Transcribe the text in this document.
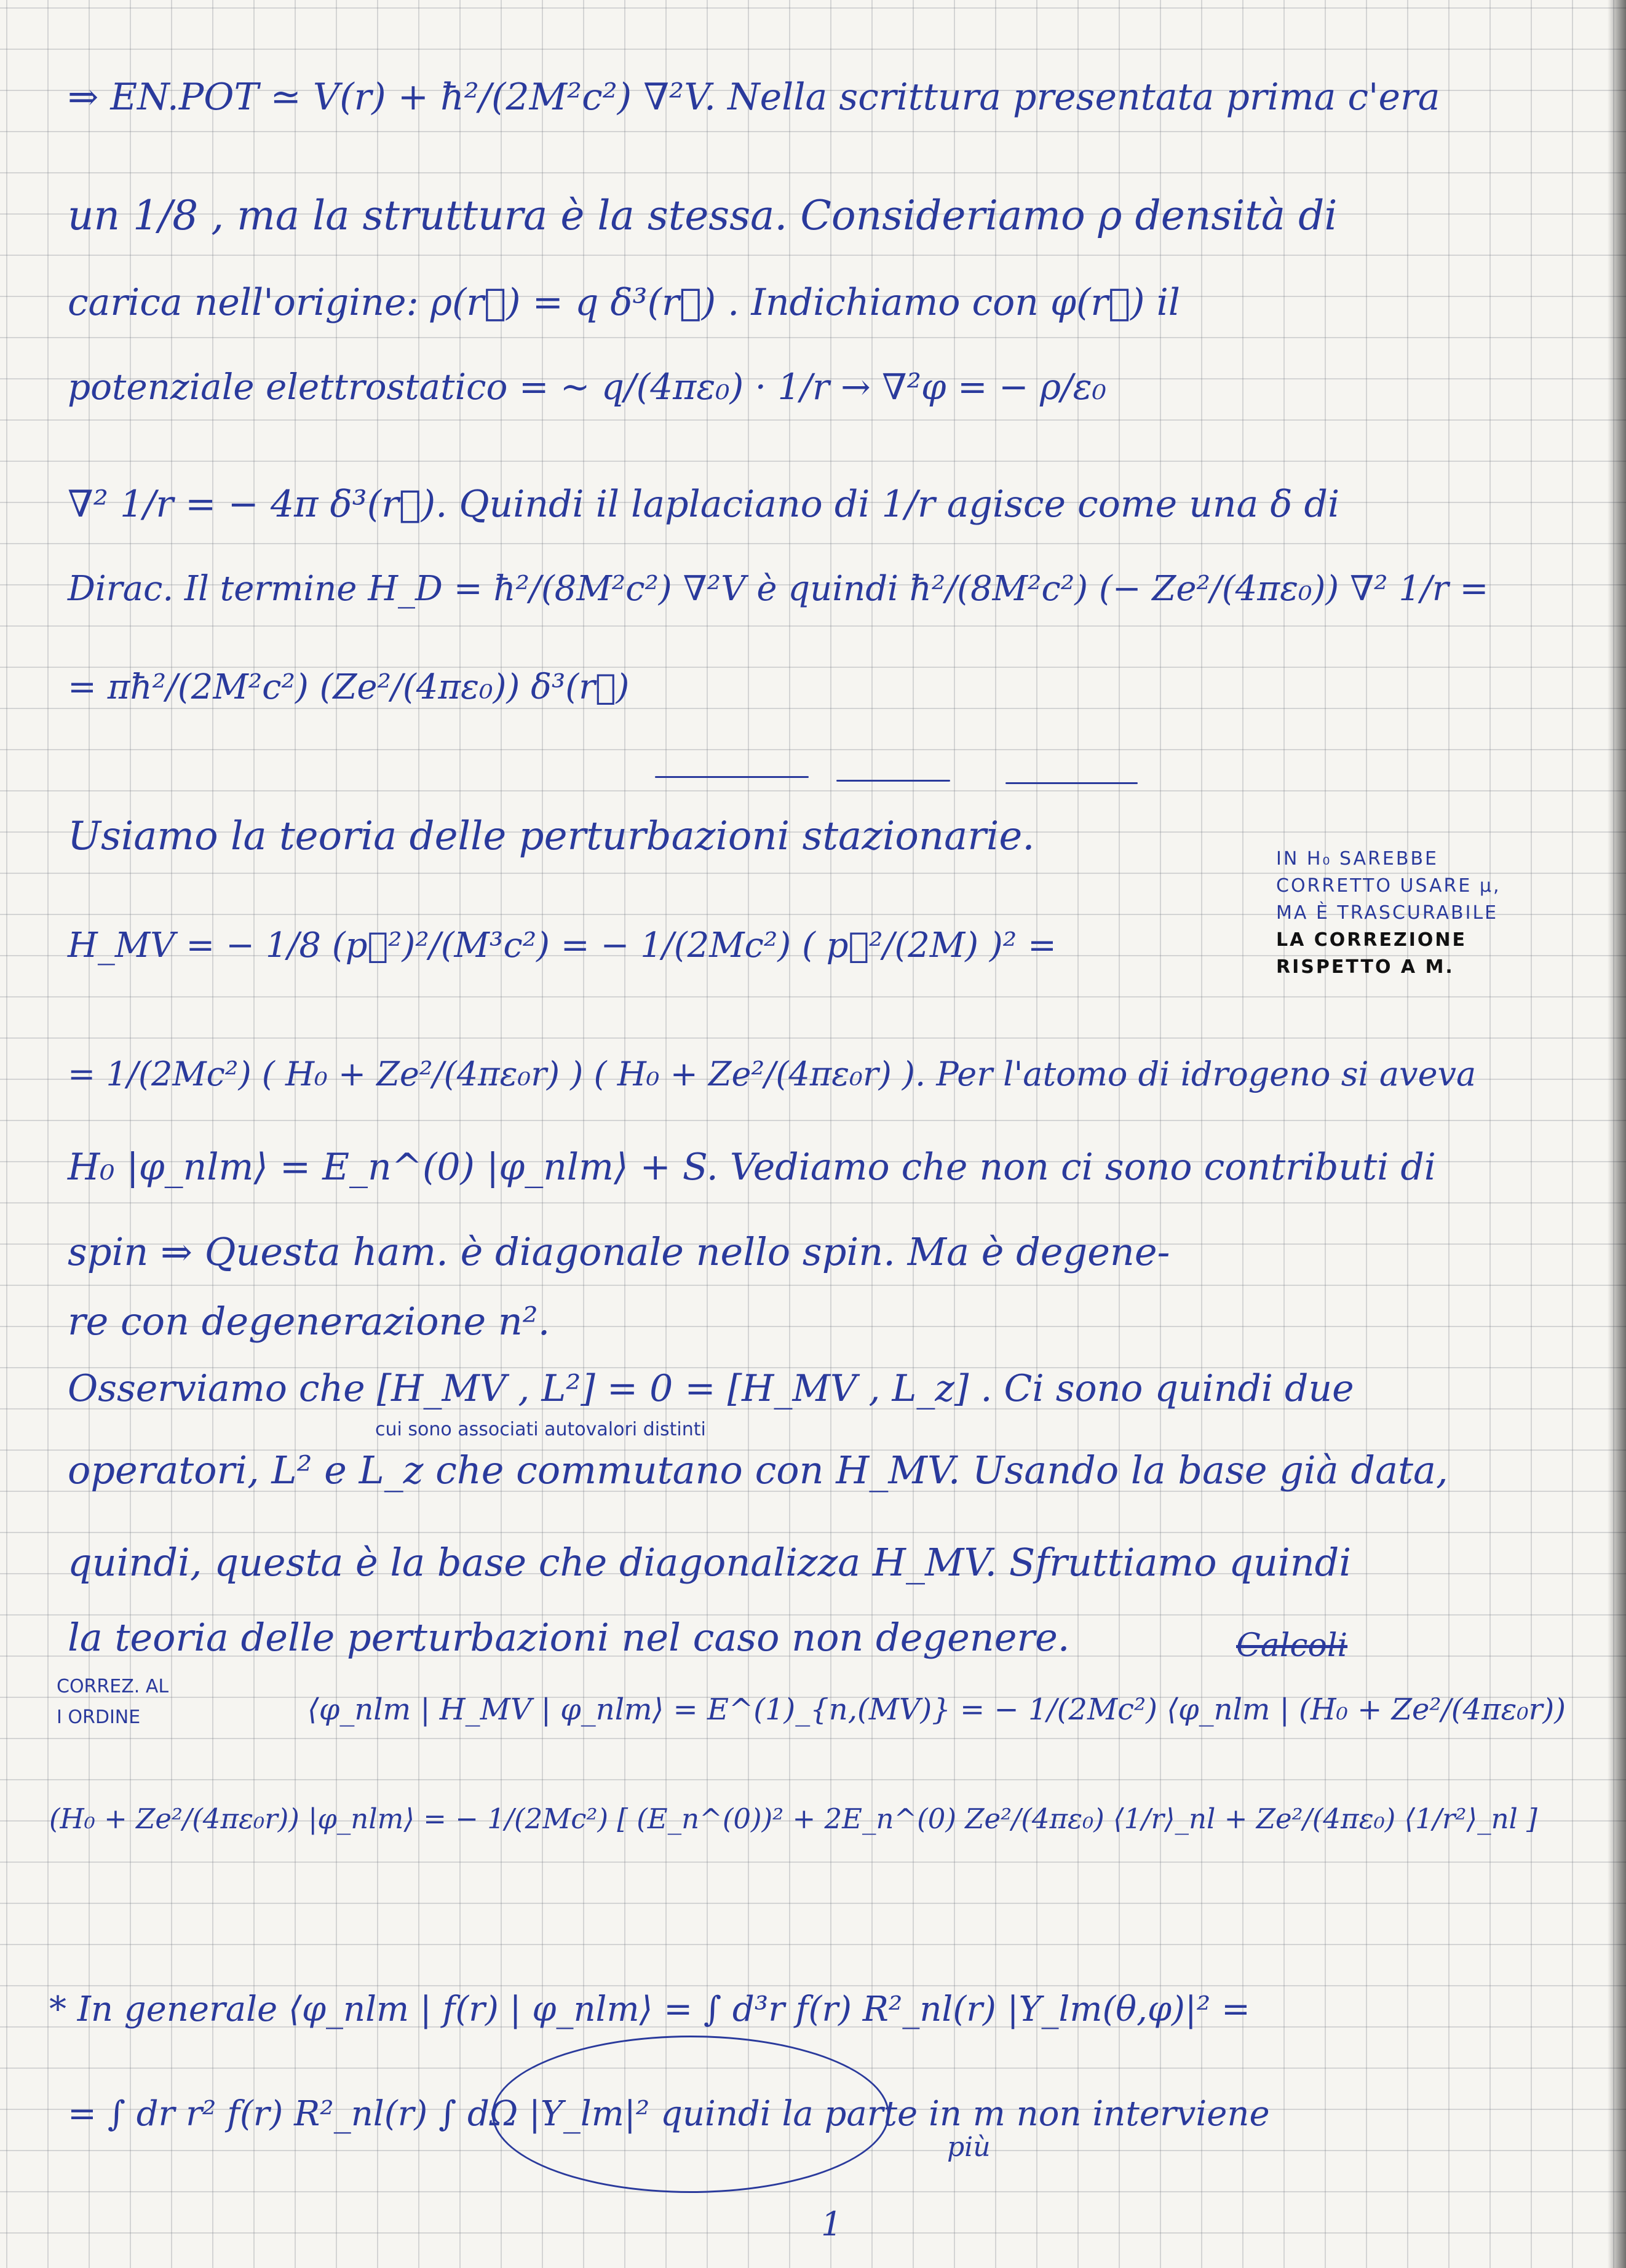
⇒ EN.POT ≃ V(r) + ħ²/(2M²c²) ∇²V. Nella scrittura presentata prima c'era
un 1/8 , ma la struttura è la stessa. Consideriamo ρ densità di
carica nell'origine: ρ(r⃗) = q δ³(r⃗) . Indichiamo con φ(r⃗) il
potenziale elettrostatico = ~ q/(4πε₀) · 1/r → ∇²φ = − ρ/ε₀
∇² 1/r = − 4π δ³(r⃗). Quindi il laplaciano di 1/r agisce come una δ di
Dirac. Il termine H_D = ħ²/(8M²c²) ∇²V è quindi ħ²/(8M²c²) (− Ze²/(4πε₀)) ∇² 1/r =
= πħ²/(2M²c²) (Ze²/(4πε₀)) δ³(r⃗)
Usiamo la teoria delle perturbazioni stazionarie.	IN H₀ SAREBBE
CORRETTO USARE μ,
MA È TRASCURABILE
LA CORREZIONE
RISPETTO A M.
H_MV = − 1/8 (p⃗²)²/(M³c²) = − 1/(2Mc²) ( p⃗²/(2M) )² =
= 1/(2Mc²) ( H₀ + Ze²/(4πε₀r) ) ( H₀ + Ze²/(4πε₀r) ). Per l'atomo di idrogeno si aveva
H₀ |φ_nlm⟩ = E_n^(0) |φ_nlm⟩ + S. Vediamo che non ci sono contributi di
spin ⇒ Questa ham. è diagonale nello spin. Ma è degene-
re con degenerazione n².
Osserviamo che [H_MV , L²] = 0 = [H_MV , L_z] . Ci sono quindi due
cui sono associati autovalori distinti
operatori, L² e L_z che commutano con H_MV. Usando la base già data,
quindi, questa è la base che diagonalizza H_MV. Sfruttiamo quindi
la teoria delle perturbazioni nel caso non degenere.	Calcoli
CORREZ. AL
I ORDINE	⟨φ_nlm | H_MV | φ_nlm⟩ = E^(1)_{n,(MV)} = − 1/(2Mc²) ⟨φ_nlm | (H₀ + Ze²/(4πε₀r))
(H₀ + Ze²/(4πε₀r)) |φ_nlm⟩ = − 1/(2Mc²) [ (E_n^(0))² + 2E_n^(0) Ze²/(4πε₀) ⟨1/r⟩_nl + Ze²/(4πε₀) ⟨1/r²⟩_nl ]
* In generale ⟨φ_nlm | f(r) | φ_nlm⟩ = ∫ d³r f(r) R²_nl(r) |Y_lm(θ,φ)|² =
= ∫ dr r² f(r) R²_nl(r) ∫ dΩ |Y_lm|² quindi la parte in m non interviene
più
1
